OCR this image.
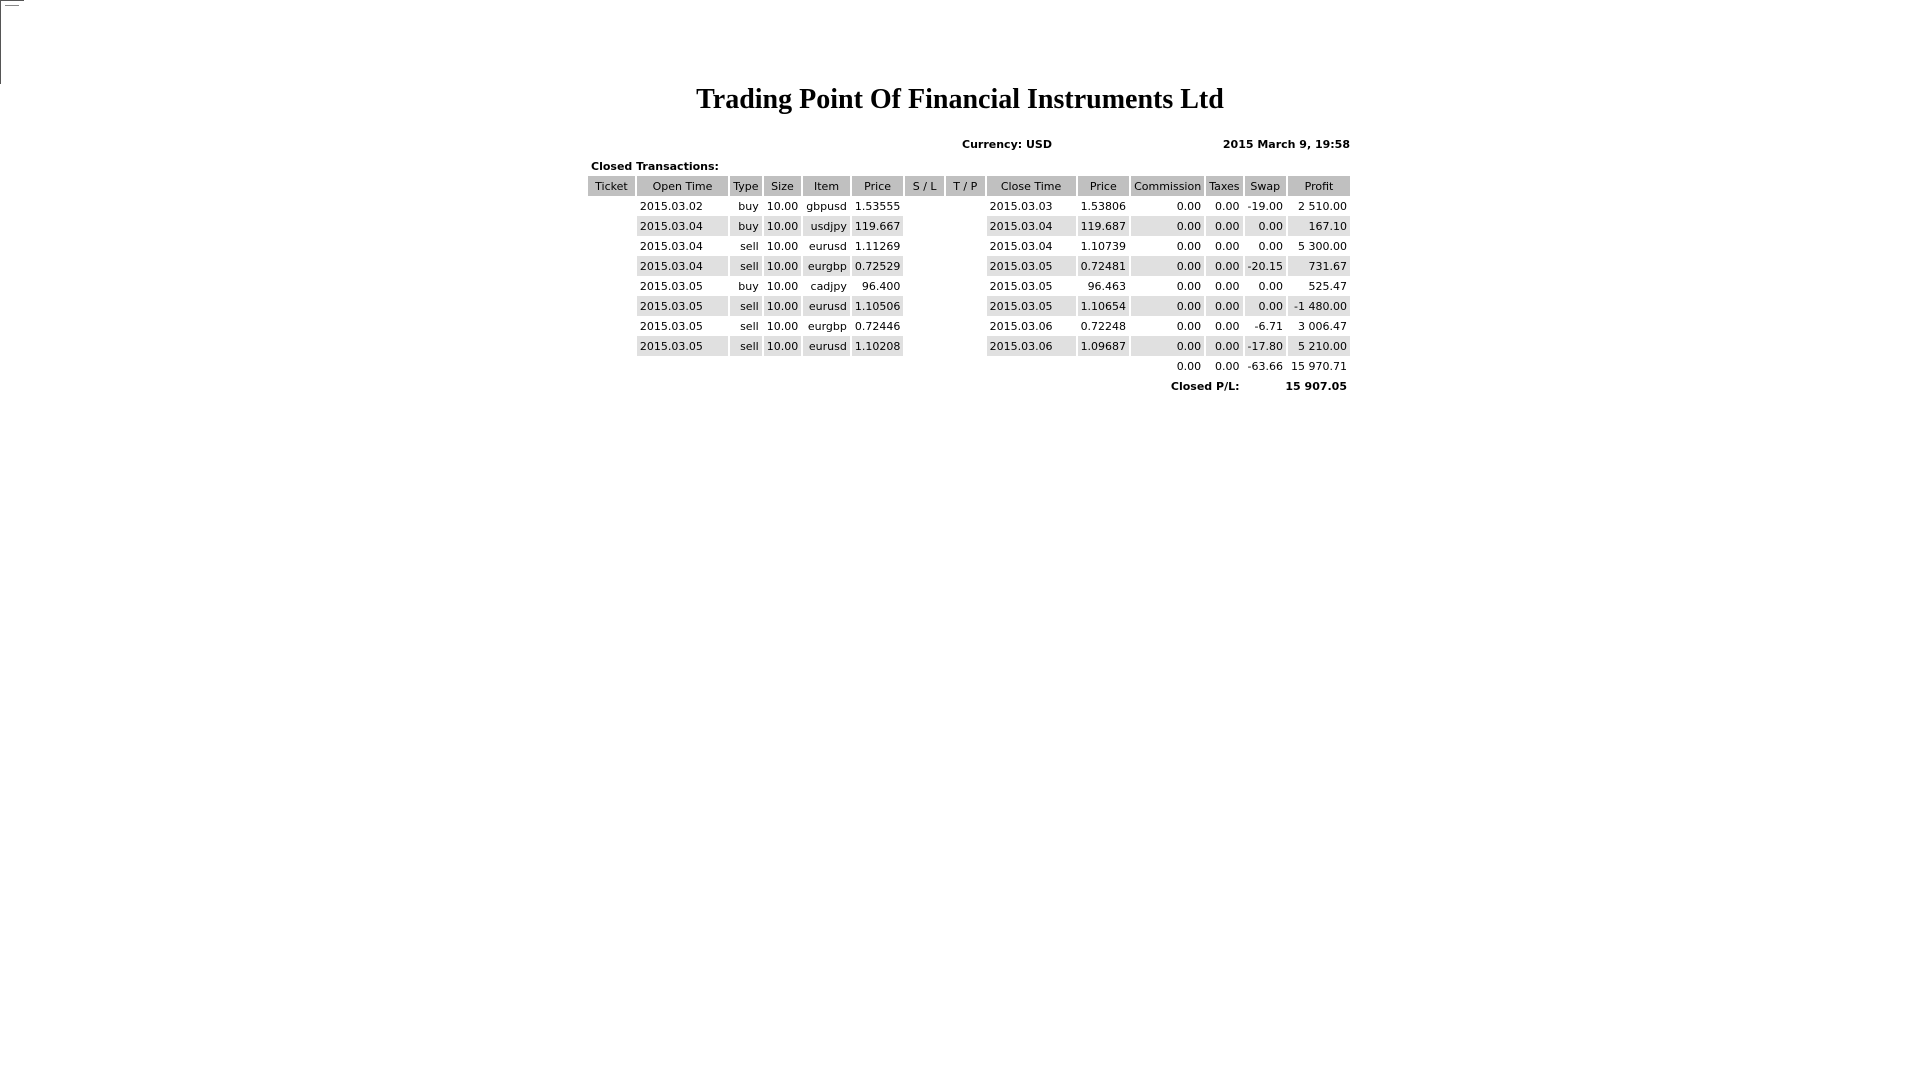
Trading Point Of Financial Instruments Ltd
Currency: USD	2015 March 9, 19:58
Closed Transactions:
Ticket	Open Time	Type	Size	Item	Price	S / L	T / P	Close Time	Price	Commission	Taxes	Swap	Profit
	2015.03.02	buy	10.00	gbpusd	1.53555			2015.03.03	1.53806	0.00	0.00	-19.00	2 510.00
	2015.03.04	buy	10.00	usdjpy	119.667			2015.03.04	119.687	0.00	0.00	0.00	167.10
	2015.03.04	sell	10.00	eurusd	1.11269			2015.03.04	1.10739	0.00	0.00	0.00	5 300.00
	2015.03.04	sell	10.00	eurgbp	0.72529			2015.03.05	0.72481	0.00	0.00	-20.15	731.67
	2015.03.05	buy	10.00	cadjpy	96.400			2015.03.05	96.463	0.00	0.00	0.00	525.47
	2015.03.05	sell	10.00	eurusd	1.10506			2015.03.05	1.10654	0.00	0.00	0.00	-1 480.00
	2015.03.05	sell	10.00	eurgbp	0.72446			2015.03.06	0.72248	0.00	0.00	-6.71	3 006.47
	2015.03.05	sell	10.00	eurusd	1.10208			2015.03.06	1.09687	0.00	0.00	-17.80	5 210.00
										0.00	0.00	-63.66	15 970.71
										Closed P/L:		15 907.05	
